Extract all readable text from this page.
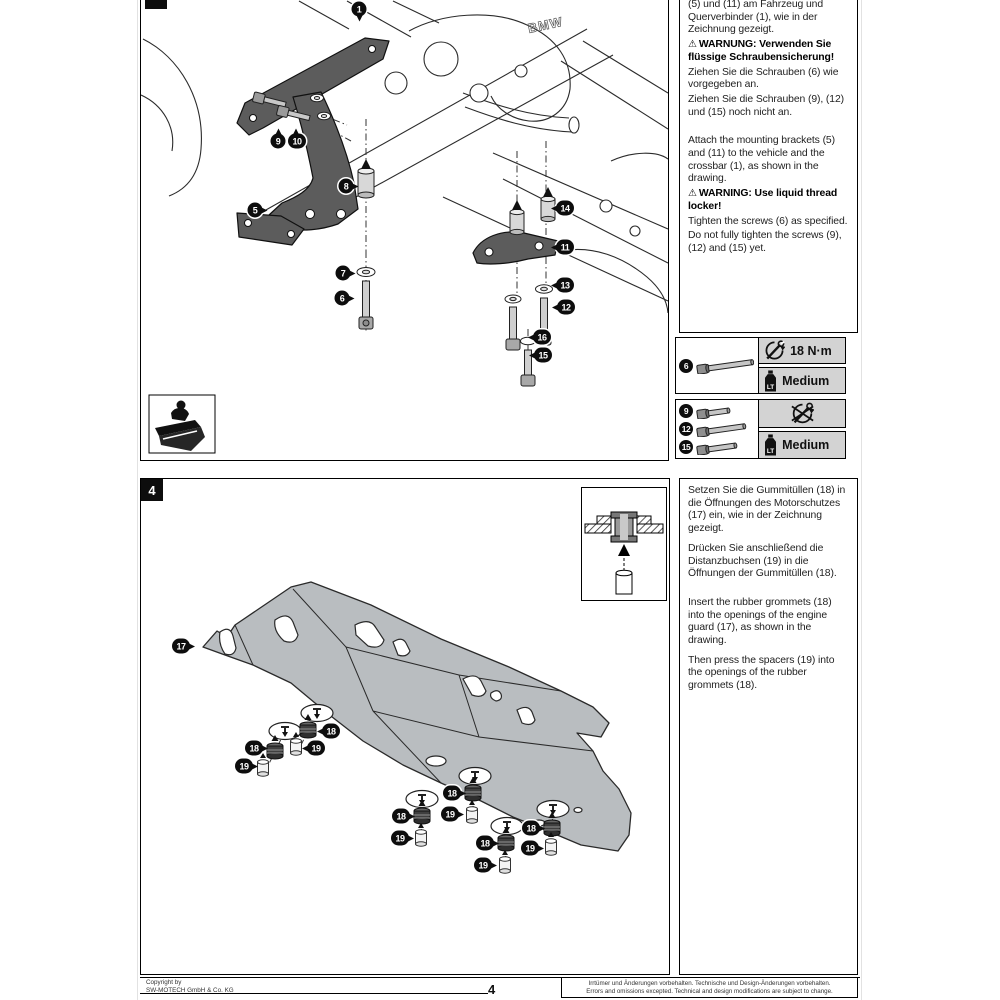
BMW
1
9	10
8
5	14
11
7
13
6
12
16
15
(5) und (11) am Fahrzeug und Querverbinder (1), wie in der Zeichnung gezeigt.
⚠ WARNUNG: Verwenden Sie flüssige Schraubensicherung!
Ziehen Sie die Schrauben (6) wie vorgegeben an.
Ziehen Sie die Schrauben (9), (12) und (15) noch nicht an.
Attach the mounting brackets (5) and (11) to the vehicle and the crossbar (1), as shown in the drawing.
⚠ WARNING: Use liquid thread locker!
Tighten the screws (6) as specified.
Do not fully tighten the screws (9), (12) and (15) yet.
6
18 N·m
LT Medium
9
12
15	LT Medium
4
17
18
19
18
19
18
19
18
19	18
19
18
19
Setzen Sie die Gummitüllen (18) in die Öffnungen des Motorschutzes (17) ein, wie in der Zeichnung gezeigt.
Drücken Sie anschließend die Distanzbuchsen (19) in die Öffnungen der Gummitüllen (18).
Insert the rubber grommets (18) into the openings of the engine guard (17), as shown in the drawing.
Then press the spacers (19) into the openings of the rubber grommets (18).
Copyright by
SW-MOTECH GmbH & Co. KG	4	Irrtümer und Änderungen vorbehalten. Technische und Design-Änderungen vorbehalten.
Errors and omissions excepted. Technical and design modifications are subject to change.
